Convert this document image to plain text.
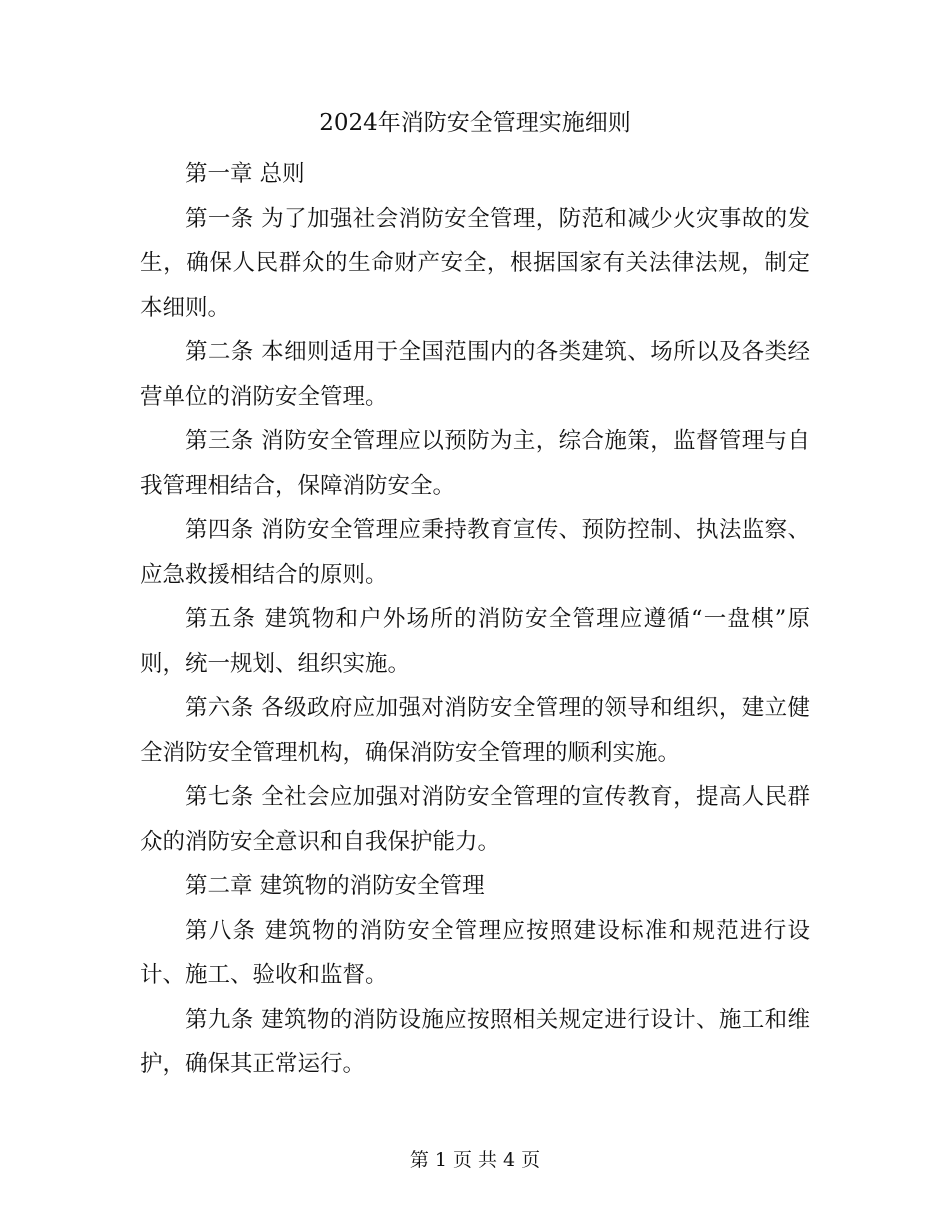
2024年消防安全管理实施细则

第一章 总则

第一条 为了加强社会消防安全管理，防范和减少火灾事故的发生，确保人民群众的生命财产安全，根据国家有关法律法规，制定本细则。

第二条 本细则适用于全国范围内的各类建筑、场所以及各类经营单位的消防安全管理。

第三条 消防安全管理应以预防为主，综合施策，监督管理与自我管理相结合，保障消防安全。

第四条 消防安全管理应秉持教育宣传、预防控制、执法监察、应急救援相结合的原则。

第五条 建筑物和户外场所的消防安全管理应遵循“一盘棋”原则，统一规划、组织实施。

第六条 各级政府应加强对消防安全管理的领导和组织，建立健全消防安全管理机构，确保消防安全管理的顺利实施。

第七条 全社会应加强对消防安全管理的宣传教育，提高人民群众的消防安全意识和自我保护能力。

第二章 建筑物的消防安全管理

第八条 建筑物的消防安全管理应按照建设标准和规范进行设计、施工、验收和监督。

第九条 建筑物的消防设施应按照相关规定进行设计、施工和维护，确保其正常运行。

第 1 页 共 4 页
